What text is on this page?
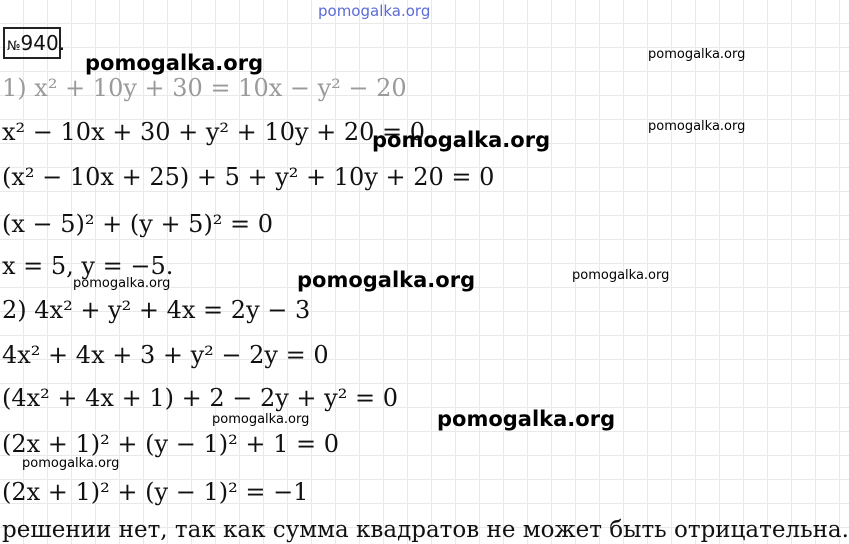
pomogalka.org
№940.
1) x² + 10y + 30 = 10x − y² − 20
x² − 10x + 30 + y² + 10y + 20 = 0
(x² − 10x + 25) + 5 + y² + 10y + 20 = 0
(x − 5)² + (y + 5)² = 0
x = 5, y = −5.
2) 4x² + y² + 4x = 2y − 3
4x² + 4x + 3 + y² − 2y = 0
(4x² + 4x + 1) + 2 − 2y + y² = 0
(2x + 1)² + (y − 1)² + 1 = 0
(2x + 1)² + (y − 1)² = −1
решении нет, так как сумма квадратов не может быть отрицательна.
pomogalka.org	pomogalka.org
pomogalka.org
pomogalka.org
pomogalka.org	pomogalka.org	pomogalka.org
pomogalka.org	pomogalka.org
pomogalka.org
